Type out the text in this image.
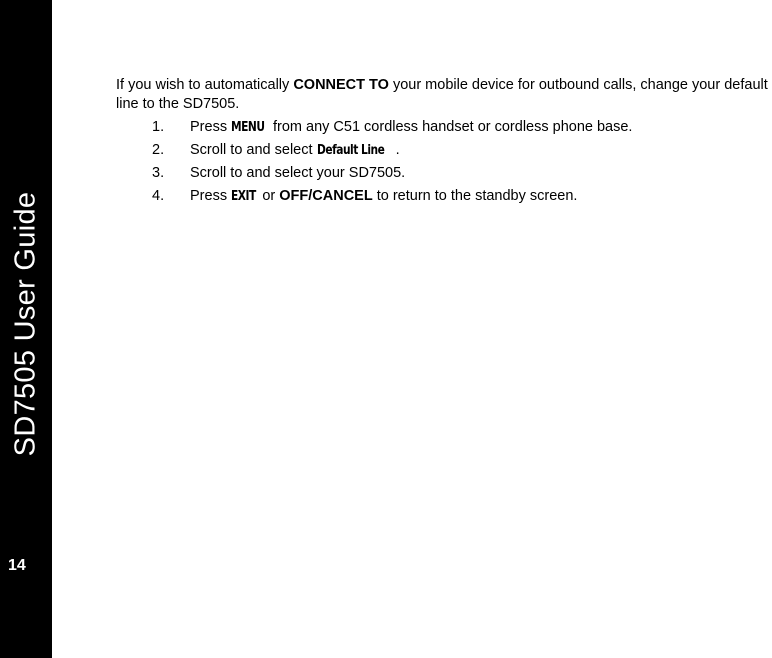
SD7505 User Guide
14

If you wish to automatically CONNECT TO your mobile device for outbound calls, change your default line to the SD7505.

1. Press MENU from any C51 cordless handset or cordless phone base.
2. Scroll to and select Default Line .
3. Scroll to and select your SD7505.
4. Press EXIT or OFF/CANCEL to return to the standby screen.
